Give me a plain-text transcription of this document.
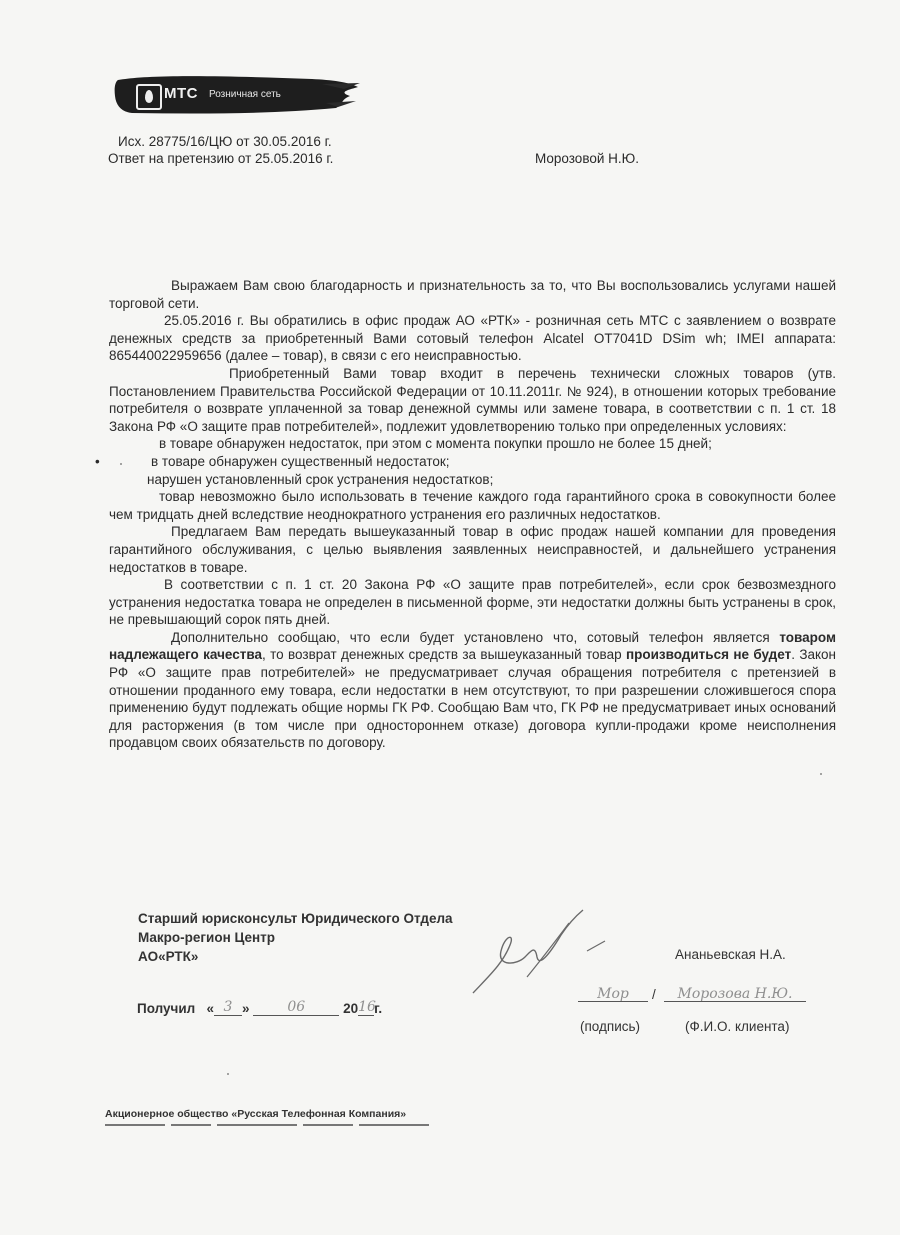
МТС Розничная сеть
Исх. 28775/16/ЦЮ от 30.05.2016 г.
Ответ на претензию от 25.05.2016 г.	Морозовой Н.Ю.

Выражаем Вам свою благодарность и признательность за то, что Вы воспользовались услугами нашей торговой сети.

25.05.2016 г. Вы обратились в офис продаж АО «РТК» - розничная сеть МТС с заявлением о возврате денежных средств за приобретенный Вами сотовый телефон Alcatel OT7041D DSim wh; IMEI аппарата: 865440022959656 (далее – товар), в связи с его неисправностью.

Приобретенный Вами товар входит в перечень технически сложных товаров (утв. Постановлением Правительства Российской Федерации от 10.11.2011г. № 924), в отношении которых требование потребителя о возврате уплаченной за товар денежной суммы или замене товара, в соответствии с п. 1 ст. 18 Закона РФ «О защите прав потребителей», подлежит удовлетворению только при определенных условиях:

в товаре обнаружен недостаток, при этом с момента покупки прошло не более 15 дней;

•	в товаре обнаружен существенный недостаток;

нарушен установленный срок устранения недостатков;

товар невозможно было использовать в течение каждого года гарантийного срока в совокупности более чем тридцать дней вследствие неоднократного устранения его различных недостатков.

Предлагаем Вам передать вышеуказанный товар в офис продаж нашей компании для проведения гарантийного обслуживания, с целью выявления заявленных неисправностей, и дальнейшего устранения недостатков в товаре.

В соответствии с п. 1 ст. 20 Закона РФ «О защите прав потребителей», если срок безвозмездного устранения недостатка товара не определен в письменной форме, эти недостатки должны быть устранены в срок, не превышающий сорок пять дней.

Дополнительно сообщаю, что если будет установлено что, сотовый телефон является товаром надлежащего качества, то возврат денежных средств за вышеуказанный товар производиться не будет. Закон РФ «О защите прав потребителей» не предусматривает случая обращения потребителя с претензией в отношении проданного ему товара, если недостатки в нем отсутствуют, то при разрешении сложившегося спора применению будут подлежать общие нормы ГК РФ. Сообщаю Вам что, ГК РФ не предусматривает иных оснований для расторжения (в том числе при одностороннем отказе) договора купли-продажи кроме неисполнения продавцом своих обязательств по договору.

Старший юрисконсульт Юридического Отдела
Макро-регион Центр
АО«РТК»	Ананьевская Н.А.
Получил « 3 »	06	2016г.
Мор	/	Морозова Н.Ю.
(подпись)	(Ф.И.О. клиента)
Акционерное общество «Русская Телефонная Компания»
